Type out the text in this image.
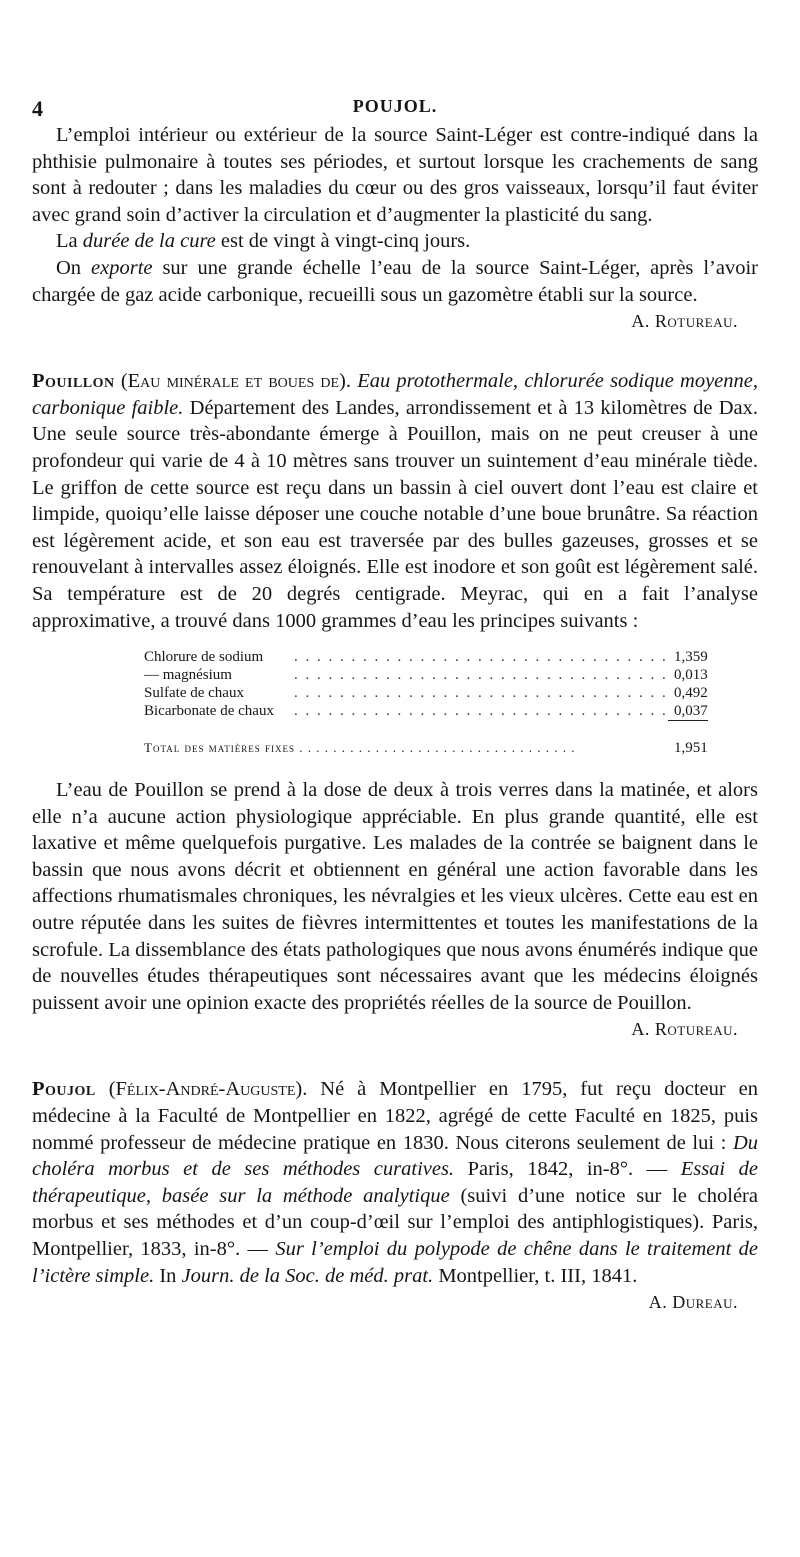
4	POUJOL.

L’emploi intérieur ou extérieur de la source Saint-Léger est contre-indiqué dans la phthisie pulmonaire à toutes ses périodes, et surtout lorsque les crachements de sang sont à redouter ; dans les maladies du cœur ou des gros vaisseaux, lorsqu’il faut éviter avec grand soin d’activer la circulation et d’augmenter la plasticité du sang.

La durée de la cure est de vingt à vingt-cinq jours.

On exporte sur une grande échelle l’eau de la source Saint-Léger, après l’avoir chargée de gaz acide carbonique, recueilli sous un gazomètre établi sur la source.

A. Rotureau.

Pouillon (Eau minérale et boues de). Eau protothermale, chlorurée sodique moyenne, carbonique faible. Département des Landes, arrondissement et à 13 kilomètres de Dax. Une seule source très-abondante émerge à Pouillon, mais on ne peut creuser à une profondeur qui varie de 4 à 10 mètres sans trouver un suintement d’eau minérale tiède. Le griffon de cette source est reçu dans un bassin à ciel ouvert dont l’eau est claire et limpide, quoiqu’elle laisse déposer une couche notable d’une boue brunâtre. Sa réaction est légèrement acide, et son eau est traversée par des bulles gazeuses, grosses et se renouvelant à intervalles assez éloignés. Elle est inodore et son goût est légèrement salé. Sa température est de 20 degrés centigrade. Meyrac, qui en a fait l’analyse approximative, a trouvé dans 1000 grammes d’eau les principes suivants :

Chlorure de sodium	. . . . . . . . . . . . . . . . . . . . . . . . . . . . . . . . .	1,359
— magnésium	. . . . . . . . . . . . . . . . . . . . . . . . . . . . . . . . .	0,013
Sulfate de chaux	. . . . . . . . . . . . . . . . . . . . . . . . . . . . . . . . .	0,492
Bicarbonate de chaux	. . . . . . . . . . . . . . . . . . . . . . . . . . . . . . . . .	0,037
Total des matières fixes . . . . . . . . . . . . . . . . . . . . . . . . . . . . . . . . .		1,951

L’eau de Pouillon se prend à la dose de deux à trois verres dans la matinée, et alors elle n’a aucune action physiologique appréciable. En plus grande quantité, elle est laxative et même quelquefois purgative. Les malades de la contrée se baignent dans le bassin que nous avons décrit et obtiennent en général une action favorable dans les affections rhumatismales chroniques, les névralgies et les vieux ulcères. Cette eau est en outre réputée dans les suites de fièvres intermittentes et toutes les manifestations de la scrofule. La dissemblance des états pathologiques que nous avons énumérés indique que de nouvelles études thérapeutiques sont nécessaires avant que les médecins éloignés puissent avoir une opinion exacte des propriétés réelles de la source de Pouillon.

A. Rotureau.

Poujol (Félix-André-Auguste). Né à Montpellier en 1795, fut reçu docteur en médecine à la Faculté de Montpellier en 1822, agrégé de cette Faculté en 1825, puis nommé professeur de médecine pratique en 1830. Nous citerons seulement de lui : Du choléra morbus et de ses méthodes curatives. Paris, 1842, in-8°. — Essai de thérapeutique, basée sur la méthode analytique (suivi d’une notice sur le choléra morbus et ses méthodes et d’un coup-d’œil sur l’emploi des antiphlogistiques). Paris, Montpellier, 1833, in-8°. — Sur l’emploi du polypode de chêne dans le traitement de l’ictère simple. In Journ. de la Soc. de méd. prat. Montpellier, t. III, 1841.

A. Dureau.
